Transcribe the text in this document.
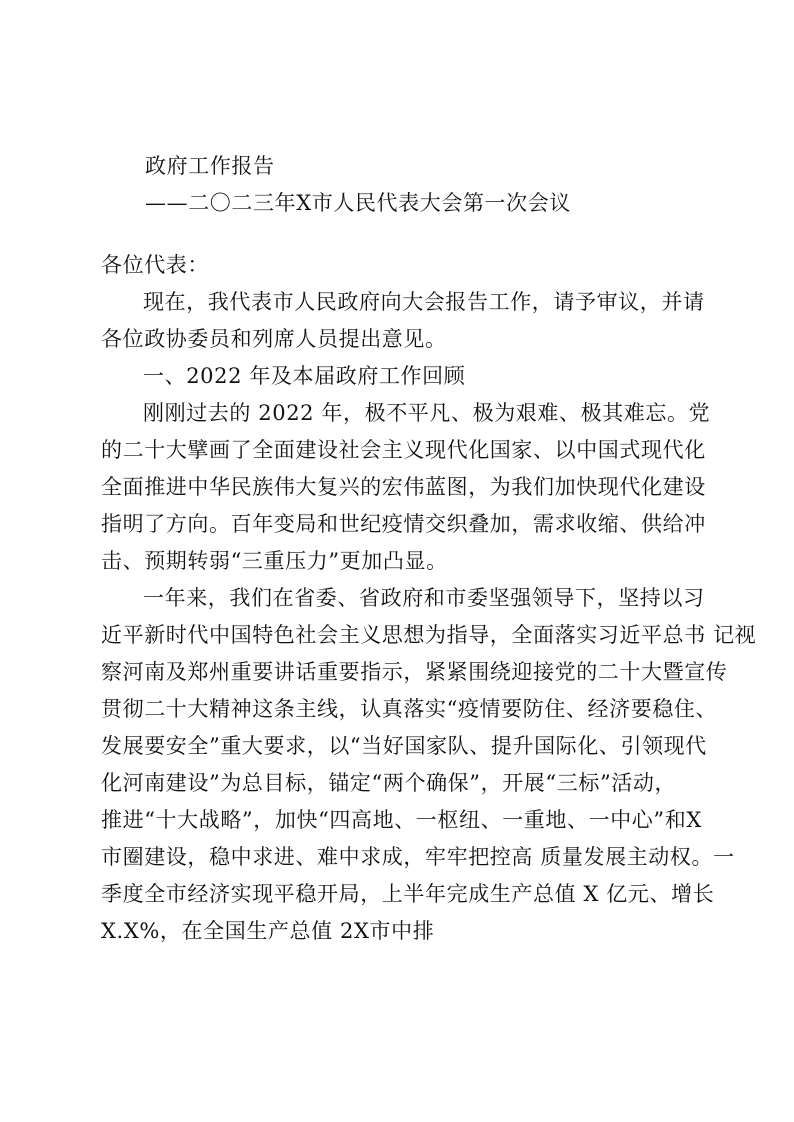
政府工作报告
——二〇二三年X市人民代表大会第一次会议
各位代表：
现在，我代表市人民政府向大会报告工作，请予审议，并请
各位政协委员和列席人员提出意见。
一、2022 年及本届政府工作回顾
刚刚过去的 2022 年，极不平凡、极为艰难、极其难忘。党
的二十大擘画了全面建设社会主义现代化国家、以中国式现代化
全面推进中华民族伟大复兴的宏伟蓝图，为我们加快现代化建设
指明了方向。百年变局和世纪疫情交织叠加，需求收缩、供给冲
击、预期转弱“三重压力”更加凸显。
一年来，我们在省委、省政府和市委坚强领导下，坚持以习
近平新时代中国特色社会主义思想为指导，全面落实习近平总书 记视
察河南及郑州重要讲话重要指示，紧紧围绕迎接党的二十大暨宣传
贯彻二十大精神这条主线，认真落实“疫情要防住、经济要稳住、
发展要安全”重大要求，以“当好国家队、提升国际化、引领现代
化河南建设”为总目标，锚定“两个确保”，开展“三标”活动，
推进“十大战略”，加快“四高地、一枢纽、一重地、一中心”和X
市圈建设，稳中求进、难中求成，牢牢把控高 质量发展主动权。一
季度全市经济实现平稳开局，上半年完成生产总值 X 亿元、增长
X.X%，在全国生产总值 2X市中排
